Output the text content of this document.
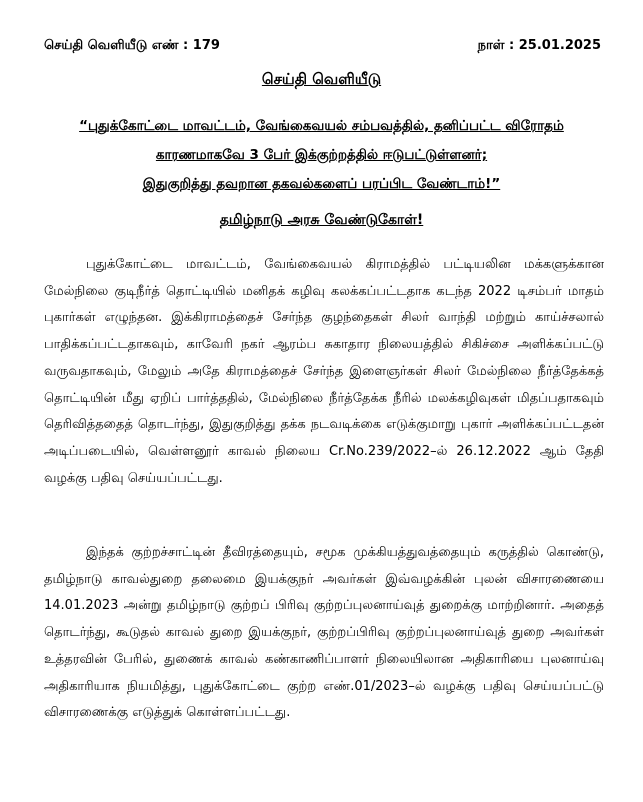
செய்தி வெளியீடு எண் : 179	நாள் : 25.01.2025
செய்தி வெளியீடு
“புதுக்கோட்டை மாவட்டம், வேங்கைவயல் சம்பவத்தில், தனிப்பட்ட விரோதம்
காரணமாகவே 3 பேர் இக்குற்றத்தில் ஈடுபட்டுள்ளனர்;
இதுகுறித்து தவறான தகவல்களைப் பரப்பிட வேண்டாம்!”
தமிழ்நாடு அரசு வேண்டுகோள்!

புதுக்கோட்டை மாவட்டம், வேங்கைவயல் கிராமத்தில் பட்டியலின மக்களுக்கான மேல்நிலை குடிநீர்த் தொட்டியில் மனிதக் கழிவு கலக்கப்பட்டதாக கடந்த 2022 டிசம்பர் மாதம் புகார்கள் எழுந்தன. இக்கிராமத்தைச் சேர்ந்த குழந்தைகள் சிலர் வாந்தி மற்றும் காய்ச்சலால் பாதிக்கப்பட்டதாகவும், காவேரி நகர் ஆரம்ப சுகாதார நிலையத்தில் சிகிச்சை அளிக்கப்பட்டு வருவதாகவும், மேலும் அதே கிராமத்தைச் சேர்ந்த இளைஞர்கள் சிலர் மேல்நிலை நீர்த்தேக்கத் தொட்டியின் மீது ஏறிப் பார்த்ததில், மேல்நிலை நீர்த்தேக்க நீரில் மலக்கழிவுகள் மிதப்பதாகவும் தெரிவித்ததைத் தொடர்ந்து, இதுகுறித்து தக்க நடவடிக்கை எடுக்குமாறு புகார் அளிக்கப்பட்டதன் அடிப்படையில், வெள்ளனூர் காவல் நிலைய Cr.No.239/2022–ல் 26.12.2022 ஆம் தேதி வழக்கு பதிவு செய்யப்பட்டது.

இந்தக் குற்றச்சாட்டின் தீவிரத்தையும், சமூக முக்கியத்துவத்தையும் கருத்தில் கொண்டு, தமிழ்நாடு காவல்துறை தலைமை இயக்குநர் அவர்கள் இவ்வழக்கின் புலன் விசாரணையை 14.01.2023 அன்று தமிழ்நாடு குற்றப் பிரிவு குற்றப்புலனாய்வுத் துறைக்கு மாற்றினார். அதைத் தொடர்ந்து, கூடுதல் காவல் துறை இயக்குநர், குற்றப்பிரிவு குற்றப்புலனாய்வுத் துறை அவர்கள் உத்தரவின் பேரில், துணைக் காவல் கண்காணிப்பாளர் நிலையிலான அதிகாரியை புலனாய்வு அதிகாரியாக நியமித்து, புதுக்கோட்டை குற்ற எண்.01/2023–ல் வழக்கு பதிவு செய்யப்பட்டு விசாரணைக்கு எடுத்துக் கொள்ளப்பட்டது.
